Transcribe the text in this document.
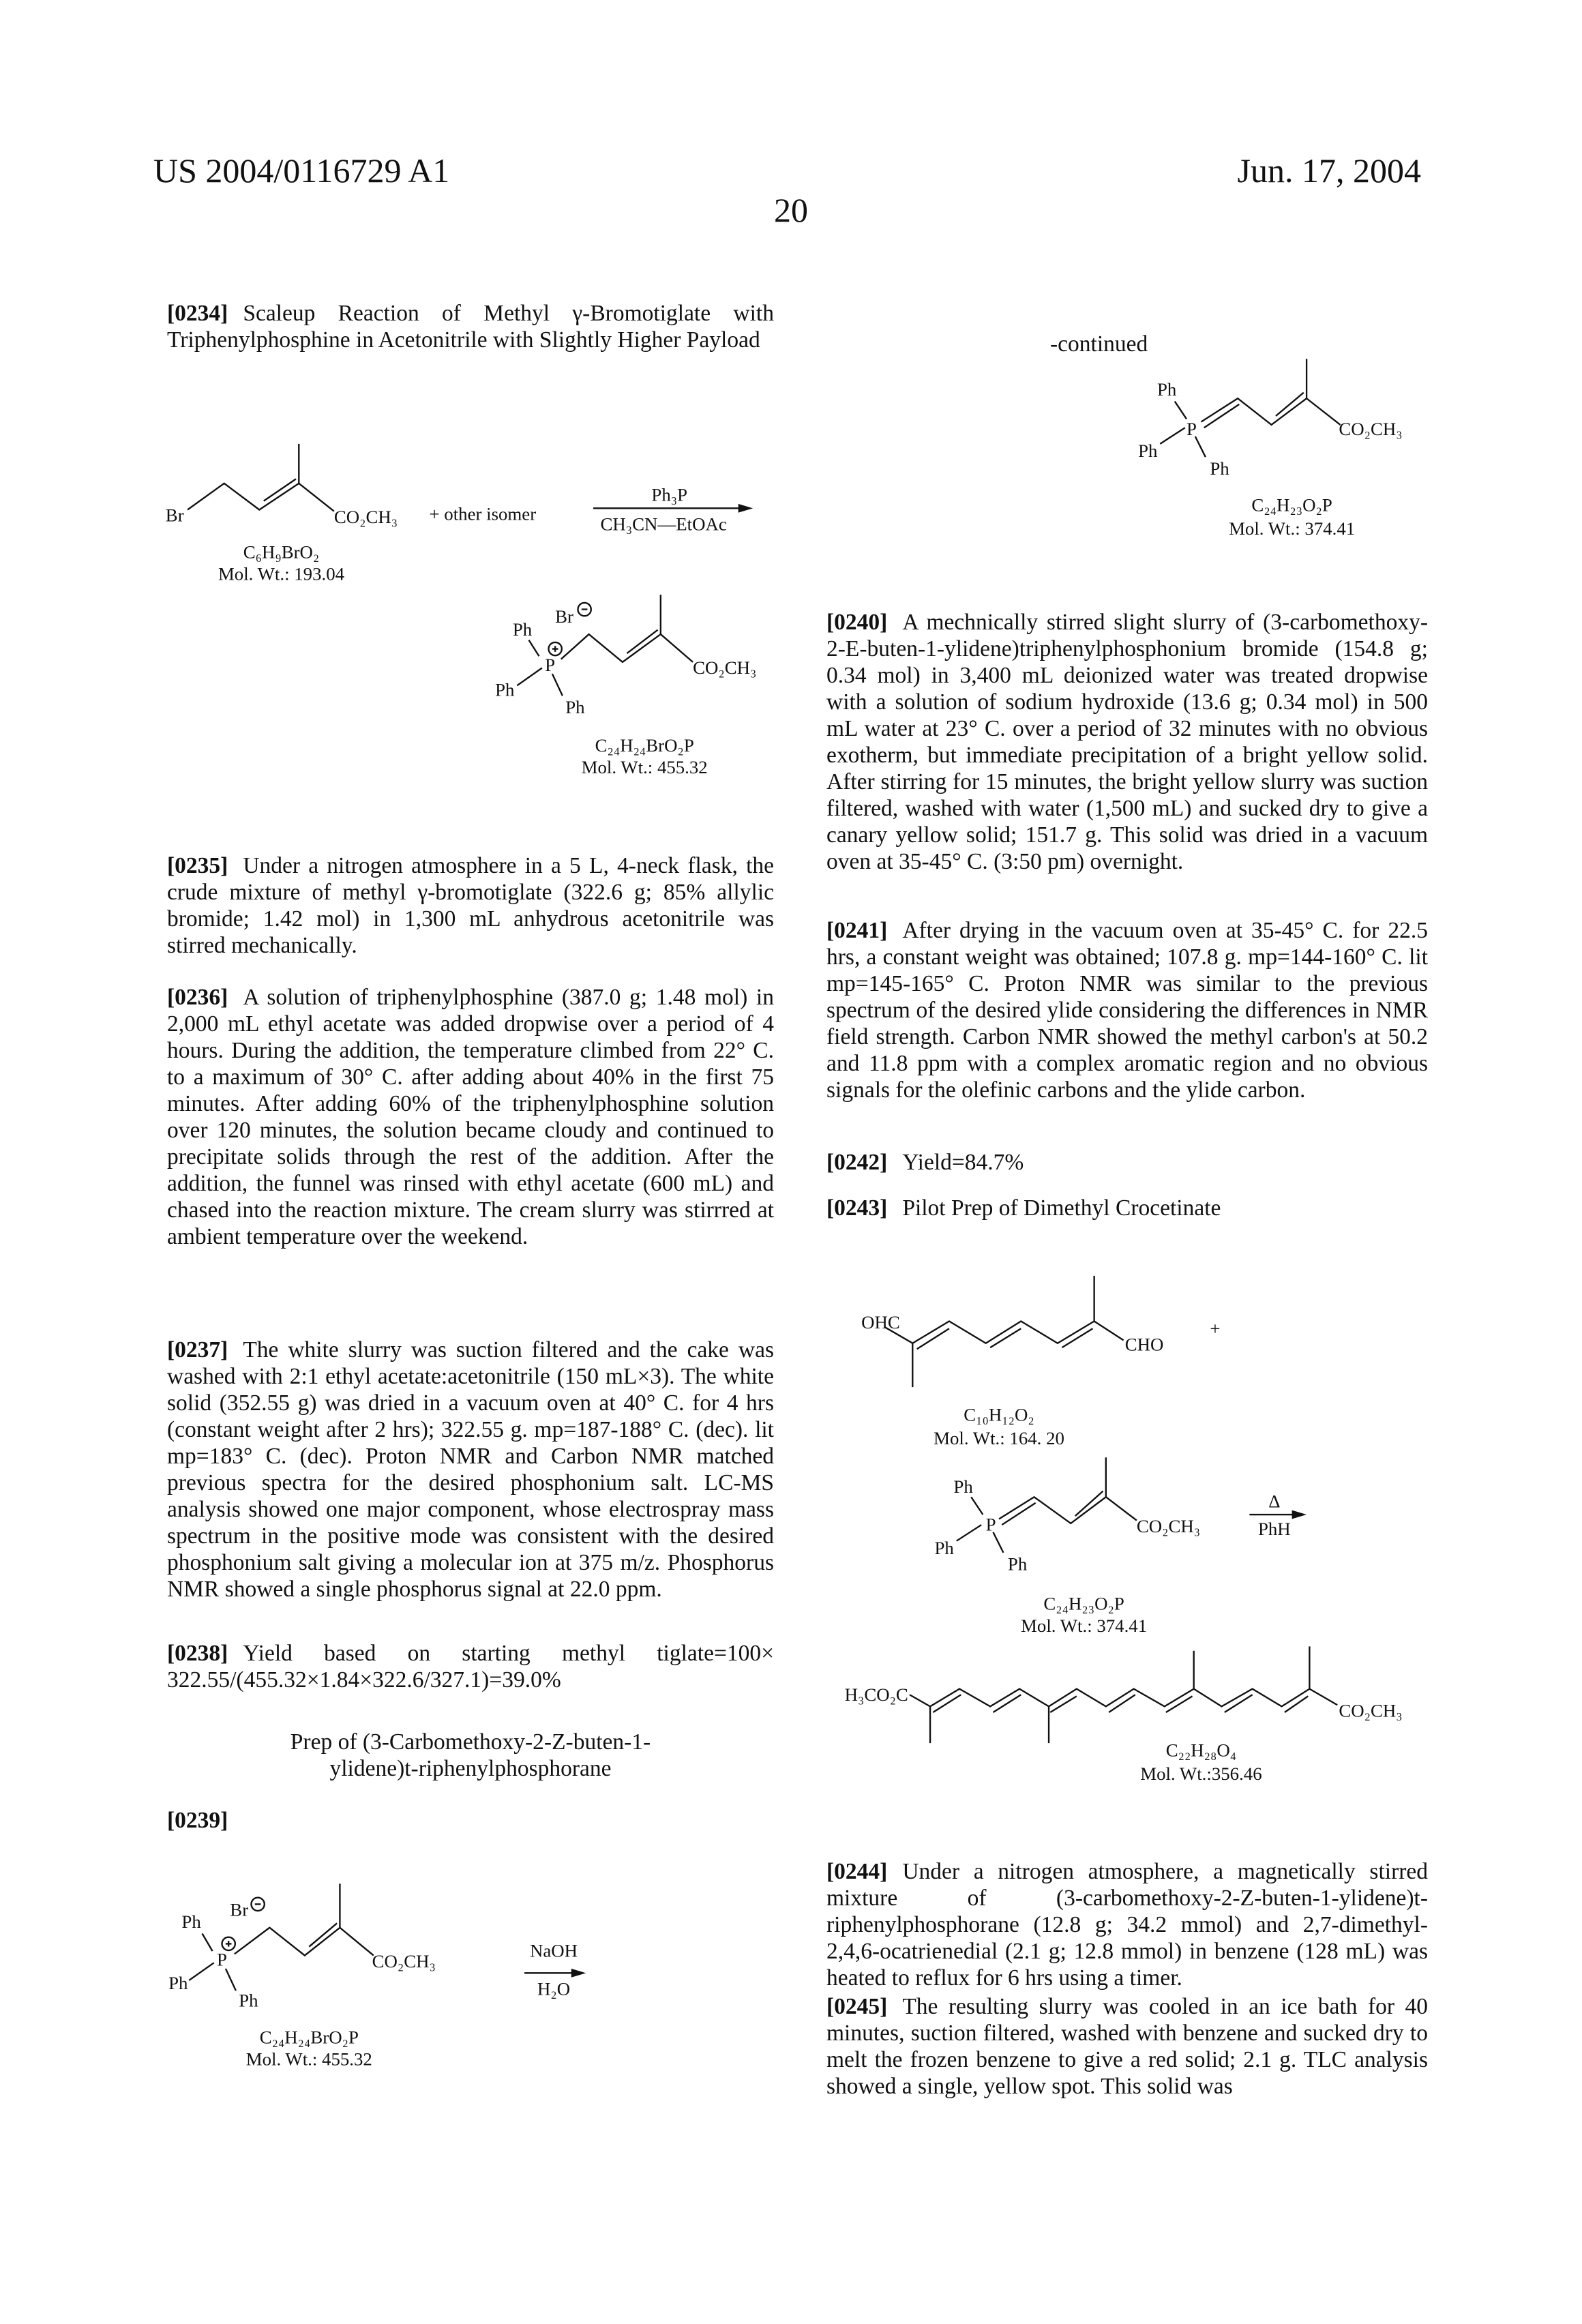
US 2004/0116729 A1
20
Jun. 17, 2004
[0234] Scaleup Reaction of Methyl γ-Bromotiglate with Triphenylphosphine in Acetonitrile with Slightly Higher Payload
[0235] Under a nitrogen atmosphere in a 5 L, 4-neck flask, the crude mixture of methyl γ-bromotiglate (322.6 g; 85% allylic bromide; 1.42 mol) in 1,300 mL anhydrous acetonitrile was stirred mechanically.
[0236] A solution of triphenylphosphine (387.0 g; 1.48 mol) in 2,000 mL ethyl acetate was added dropwise over a period of 4 hours. During the addition, the temperature climbed from 22° C. to a maximum of 30° C. after adding about 40% in the first 75 minutes. After adding 60% of the triphenylphosphine solution over 120 minutes, the solution became cloudy and continued to precipitate solids through the rest of the addition. After the addition, the funnel was rinsed with ethyl acetate (600 mL) and chased into the reaction mixture. The cream slurry was stirrred at ambient temperature over the weekend.
[0237] The white slurry was suction filtered and the cake was washed with 2:1 ethyl acetate:acetonitrile (150 mL×3). The white solid (352.55 g) was dried in a vacuum oven at 40° C. for 4 hrs (constant weight after 2 hrs); 322.55 g. mp=187-188° C. (dec). lit mp=183° C. (dec). Proton NMR and Carbon NMR matched previous spectra for the desired phosphonium salt. LC-MS analysis showed one major component, whose electrospray mass spectrum in the positive mode was consistent with the desired phosphonium salt giving a molecular ion at 375 m/z. Phosphorus NMR showed a single phosphorus signal at 22.0 ppm.
[0238] Yield based on starting methyl tiglate=100× 322.55/(455.32×1.84×322.6/327.1)=39.0%
Prep of (3-Carbomethoxy-2-Z-buten-1-ylidene)t-riphenylphosphorane
[0239]
-continued
[0240] A mechnically stirred slight slurry of (3-carbomethoxy-2-E-buten-1-ylidene)triphenylphosphonium bromide (154.8 g; 0.34 mol) in 3,400 mL deionized water was treated dropwise with a solution of sodium hydroxide (13.6 g; 0.34 mol) in 500 mL water at 23° C. over a period of 32 minutes with no obvious exotherm, but immediate precipitation of a bright yellow solid. After stirring for 15 minutes, the bright yellow slurry was suction filtered, washed with water (1,500 mL) and sucked dry to give a canary yellow solid; 151.7 g. This solid was dried in a vacuum oven at 35-45° C. (3:50 pm) overnight.
[0241] After drying in the vacuum oven at 35-45° C. for 22.5 hrs, a constant weight was obtained; 107.8 g. mp=144-160° C. lit mp=145-165° C. Proton NMR was similar to the previous spectrum of the desired ylide considering the differences in NMR field strength. Carbon NMR showed the methyl carbon's at 50.2 and 11.8 ppm with a complex aromatic region and no obvious signals for the olefinic carbons and the ylide carbon.
[0242] Yield=84.7%
[0243] Pilot Prep of Dimethyl Crocetinate
[0244] Under a nitrogen atmosphere, a magnetically stirred mixture of (3-carbomethoxy-2-Z-buten-1-ylidene)t-riphenylphosphorane (12.8 g; 34.2 mmol) and 2,7-dimethyl-2,4,6-ocatrienedial (2.1 g; 12.8 mmol) in benzene (128 mL) was heated to reflux for 6 hrs using a timer.
[0245] The resulting slurry was cooled in an ice bath for 40 minutes, suction filtered, washed with benzene and sucked dry to melt the frozen benzene to give a red solid; 2.1 g. TLC analysis showed a single, yellow spot. This solid was
Br	CO₂CH₃	+ other isomer
Ph₃P
CH₃CN—EtOAc
C₆H₉BrO₂
Mol. Wt.: 193.04
Br
Ph
P
Ph
Ph
CO₂CH₃
C₂₄H₂₄BrO₂P
Mol. Wt.: 455.32
Ph
Br
P
Ph
Ph
CO₂CH₃
NaOH
H₂O
C₂₄H₂₄BrO₂P
Mol. Wt.: 455.32
Ph
P
Ph
Ph
CO₂CH₃
C₂₄H₂₃O₂P
Mol. Wt.: 374.41
OHC
CHO
+
C₁₀H₁₂O₂
Mol. Wt.: 164. 20
Ph
P
Ph
Ph
CO₂CH₃
Δ
PhH
C₂₄H₂₃O₂P
Mol. Wt.: 374.41
H₃CO₂C
CO₂CH₃
C₂₂H₂₈O₄
Mol. Wt.:356.46
